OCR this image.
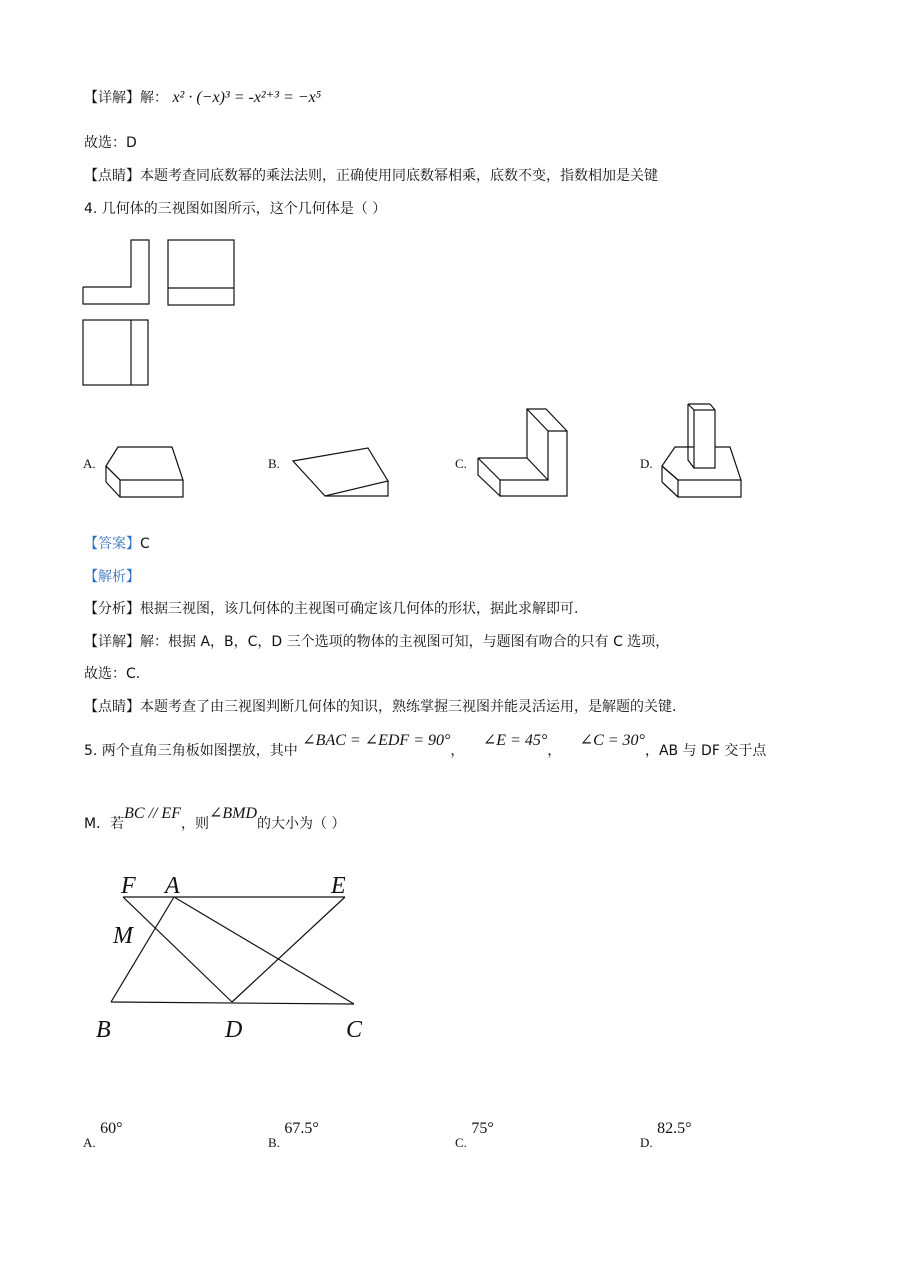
【详解】解： x² · (−x)³ = -x²⁺³ = −x⁵
故选：D
【点睛】本题考查同底数幂的乘法法则，正确使用同底数幂相乘，底数不变，指数相加是关键
4. 几何体的三视图如图所示，这个几何体是（ ）
A.	B.	C.	D.
【答案】C
【解析】
【分析】根据三视图，该几何体的主视图可确定该几何体的形状，据此求解即可.
【详解】解：根据 A，B，C，D 三个选项的物体的主视图可知，与题图有吻合的只有 C 选项，
故选：C.
【点睛】本题考查了由三视图判断几何体的知识，熟练掌握三视图并能灵活运用，是解题的关键.
5. 两个直角三角板如图摆放，其中 ∠BAC = ∠EDF = 90°， ∠E = 45°， ∠C = 30°，AB 与 DF 交于点
M．若BC // EF，则∠BMD的大小为（ ）
F A	E
M
B	D	C
A. 60°
B. 67.5°
C. 75°
D. 82.5°
